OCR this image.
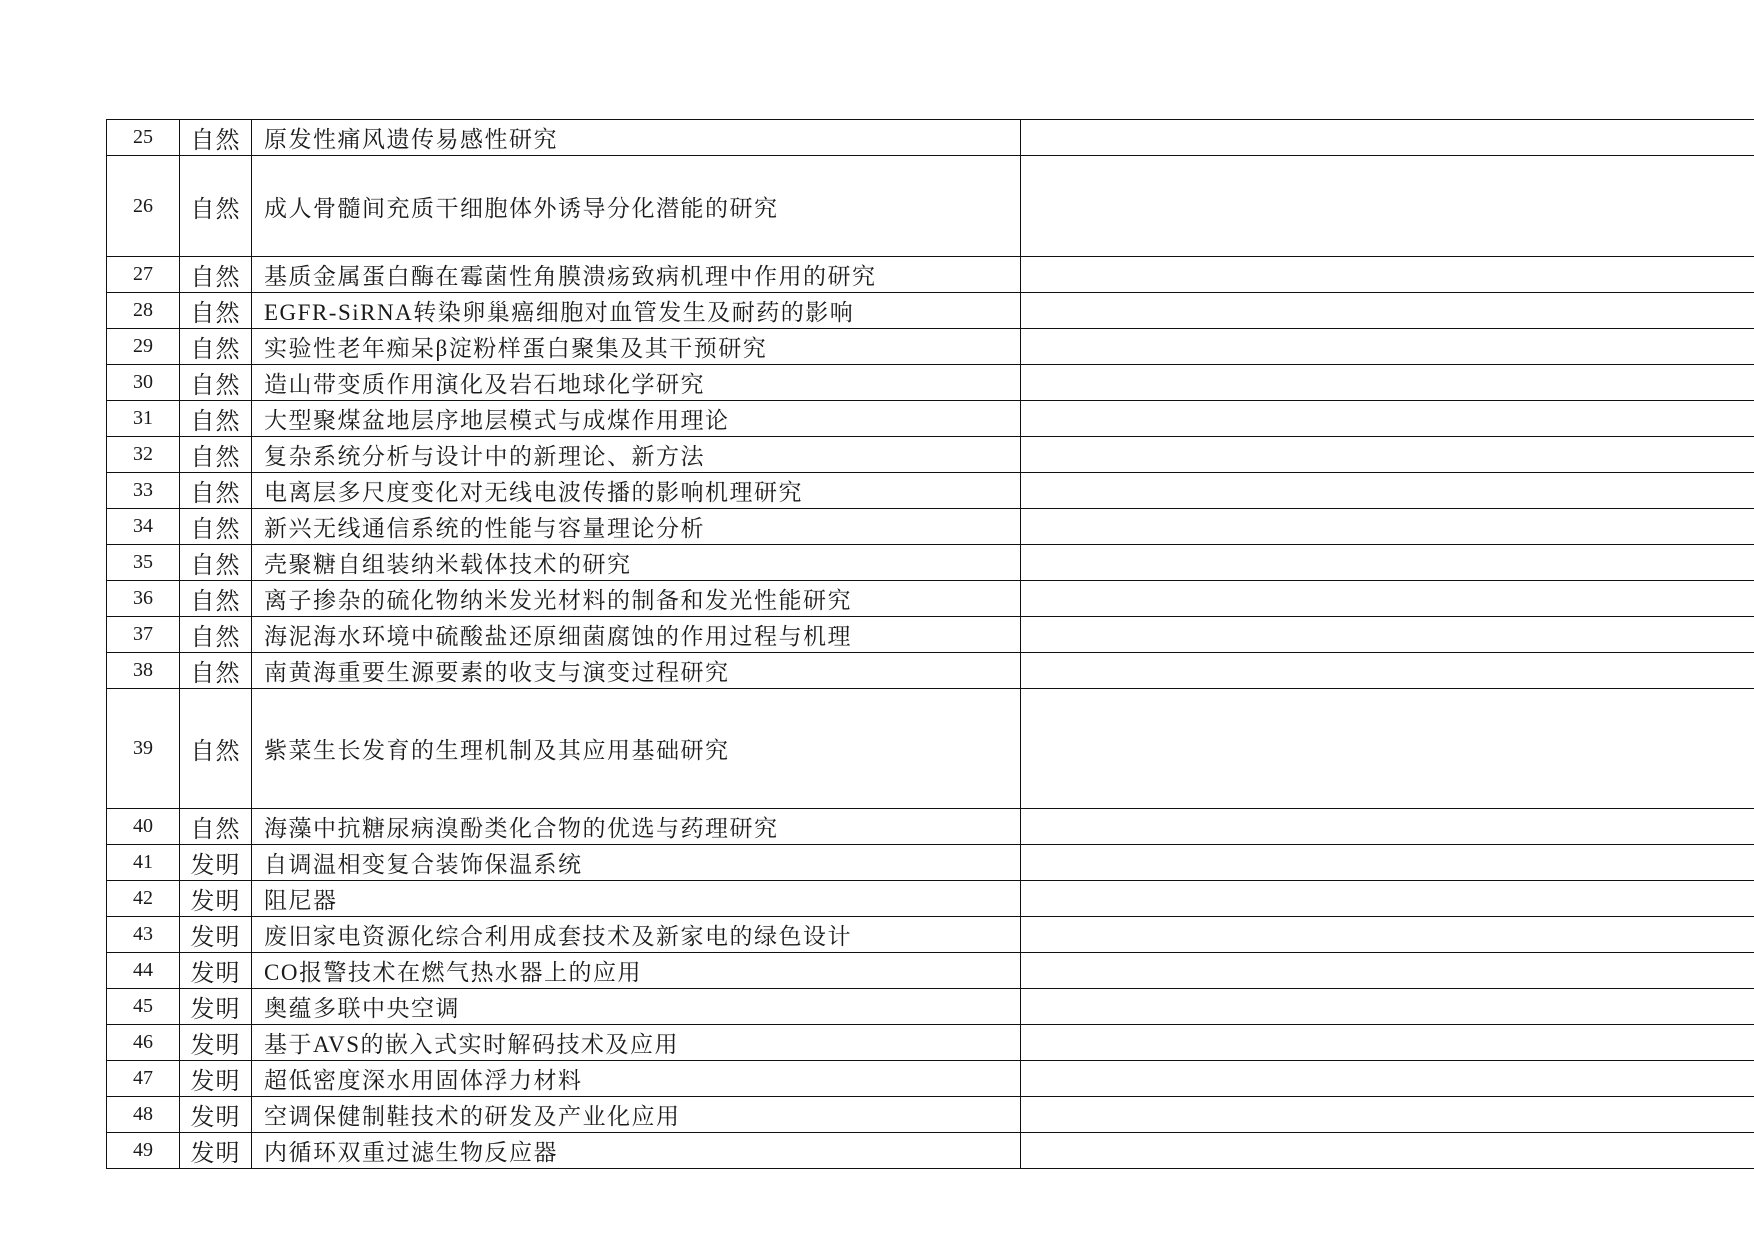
25	自然	原发性痛风遗传易感性研究	
26	自然	成人骨髓间充质干细胞体外诱导分化潜能的研究	
27	自然	基质金属蛋白酶在霉菌性角膜溃疡致病机理中作用的研究	
28	自然	EGFR-SiRNA转染卵巢癌细胞对血管发生及耐药的影响	
29	自然	实验性老年痴呆β淀粉样蛋白聚集及其干预研究	
30	自然	造山带变质作用演化及岩石地球化学研究	
31	自然	大型聚煤盆地层序地层模式与成煤作用理论	
32	自然	复杂系统分析与设计中的新理论、新方法	
33	自然	电离层多尺度变化对无线电波传播的影响机理研究	
34	自然	新兴无线通信系统的性能与容量理论分析	
35	自然	壳聚糖自组装纳米载体技术的研究	
36	自然	离子掺杂的硫化物纳米发光材料的制备和发光性能研究	
37	自然	海泥海水环境中硫酸盐还原细菌腐蚀的作用过程与机理	
38	自然	南黄海重要生源要素的收支与演变过程研究	
39	自然	紫菜生长发育的生理机制及其应用基础研究	
40	自然	海藻中抗糖尿病溴酚类化合物的优选与药理研究	
41	发明	自调温相变复合装饰保温系统	
42	发明	阻尼器	
43	发明	废旧家电资源化综合利用成套技术及新家电的绿色设计	
44	发明	CO报警技术在燃气热水器上的应用	
45	发明	奥蕴多联中央空调	
46	发明	基于AVS的嵌入式实时解码技术及应用	
47	发明	超低密度深水用固体浮力材料	
48	发明	空调保健制鞋技术的研发及产业化应用	
49	发明	内循环双重过滤生物反应器	
